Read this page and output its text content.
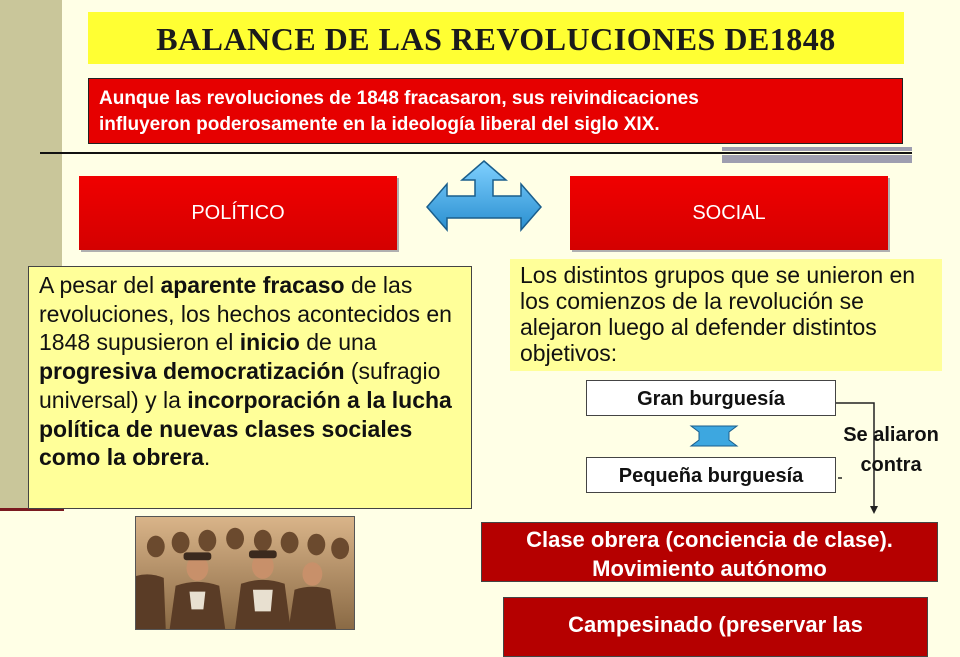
BALANCE DE LAS REVOLUCIONES DE1848
Aunque las revoluciones de 1848 fracasaron, sus reivindicaciones
influyeron poderosamente en la ideología liberal del siglo XIX.
POLÍTICO	SOCIAL
A pesar del aparente fracaso de las revoluciones, los hechos acontecidos en 1848 supusieron el inicio de una progresiva democratización (sufragio universal) y la incorporación a la lucha política de nuevas clases sociales como la obrera.
Los distintos grupos que se unieron en los comienzos de la revolución se alejaron luego al defender distintos objetivos:
Gran burguesía
Pequeña burguesía
Se aliaron
contra
Clase obrera (conciencia de clase).
Movimiento autónomo
Campesinado (preservar las
